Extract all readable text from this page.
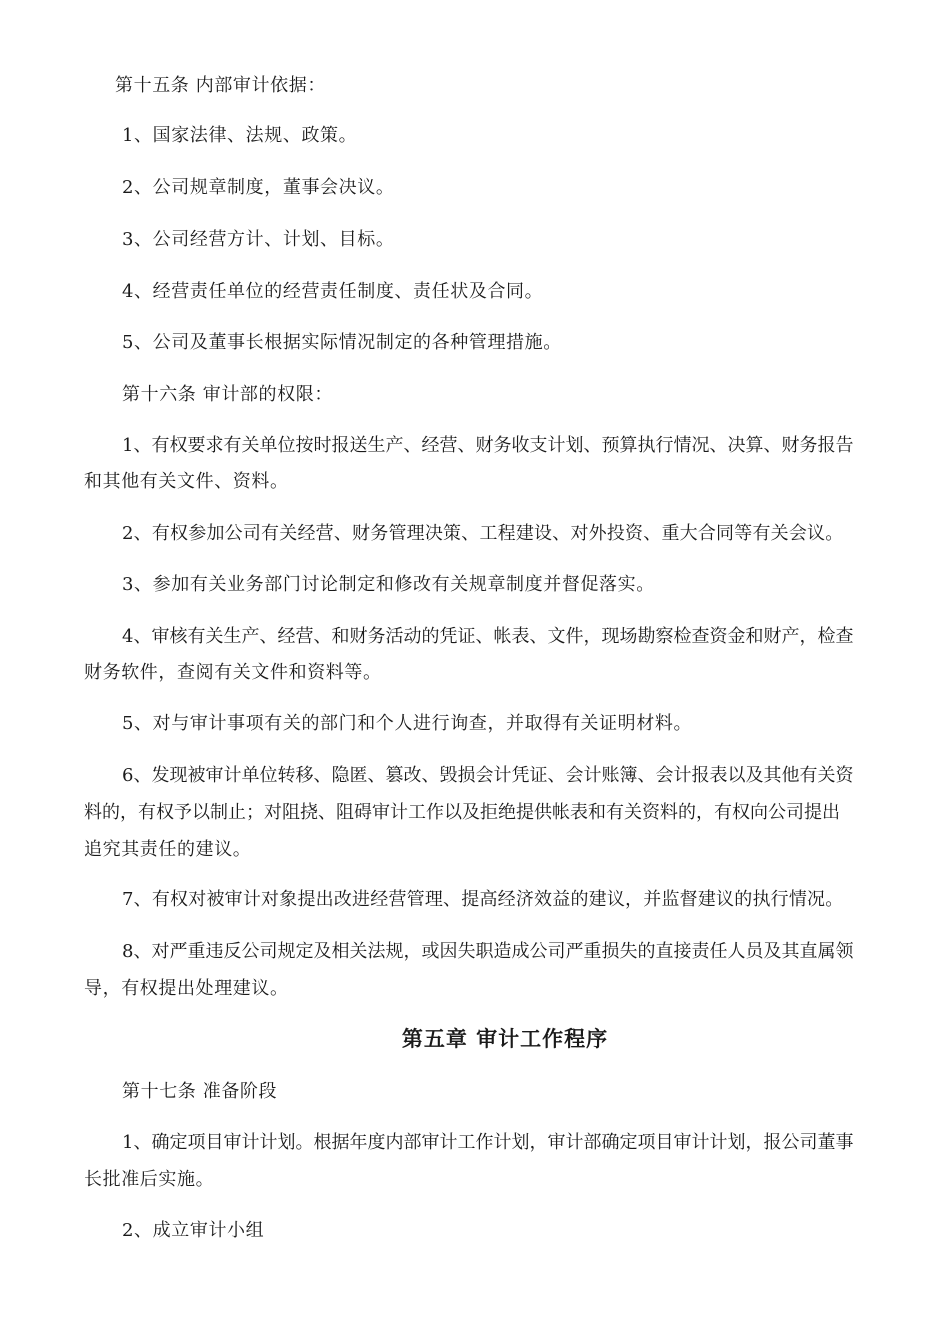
第十五条 内部审计依据：
1、国家法律、法规、政策。
2、公司规章制度，董事会决议。
3、公司经营方计、计划、目标。
4、经营责任单位的经营责任制度、责任状及合同。
5、公司及董事长根据实际情况制定的各种管理措施。
第十六条 审计部的权限：
1、有权要求有关单位按时报送生产、经营、财务收支计划、预算执行情况、决算、财务报告
和其他有关文件、资料。
2、有权参加公司有关经营、财务管理决策、工程建设、对外投资、重大合同等有关会议。
3、参加有关业务部门讨论制定和修改有关规章制度并督促落实。
4、审核有关生产、经营、和财务活动的凭证、帐表、文件，现场勘察检查资金和财产，检查
财务软件，查阅有关文件和资料等。
5、对与审计事项有关的部门和个人进行询查，并取得有关证明材料。
6、发现被审计单位转移、隐匿、篡改、毁损会计凭证、会计账簿、会计报表以及其他有关资
料的，有权予以制止；对阻挠、阻碍审计工作以及拒绝提供帐表和有关资料的，有权向公司提出
追究其责任的建议。
7、有权对被审计对象提出改进经营管理、提高经济效益的建议，并监督建议的执行情况。
8、对严重违反公司规定及相关法规，或因失职造成公司严重损失的直接责任人员及其直属领
导，有权提出处理建议。
第五章 审计工作程序
第十七条 准备阶段
1、确定项目审计计划。根据年度内部审计工作计划，审计部确定项目审计计划，报公司董事
长批准后实施。
2、成立审计小组
